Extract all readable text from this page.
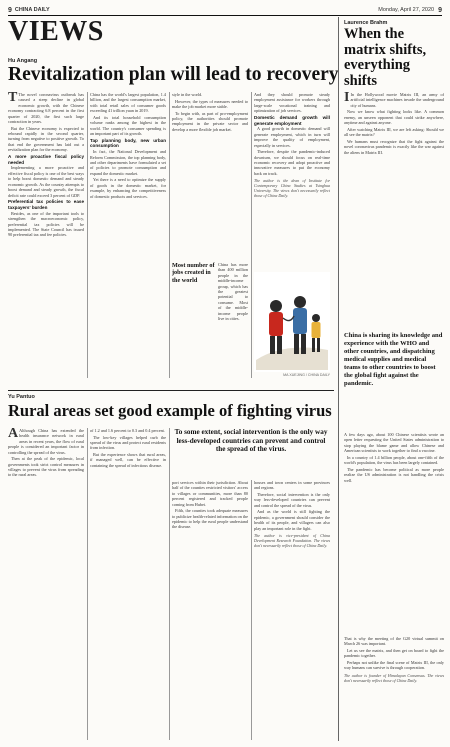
9 CHINA DAILY	Monday, April 27, 2020 9
VIEWS
Hu Angang
Revitalization plan will lead to recovery

T The novel coronavirus outbreak has caused a steep decline in global economic growth, with the Chinese economy contracting 6.8 percent in the first quarter of 2020, the first such large contraction in years.

But the Chinese economy is expected to rebound rapidly in the second quarter, turning from negative to positive growth. To that end the government has laid out a revitalization plan for the economy.

A more proactive fiscal policy needed

Implementing a more proactive and effective fiscal policy is one of the best ways to help boost domestic demand and steady economic growth. As the country attempts to boost demand and steady growth, the fiscal deficit rate could exceed 3 percent of GDP.

Preferential tax policies to ease taxpayers' burden

Besides, as one of the important tools to strengthen the macroeconomic policy, preferential tax policies will be implemented. The State Council has issued 90 preferential tax and fee policies.

China has the world's largest population, 1.4 billion, and the largest consumption market, with total retail sales of consumer goods exceeding 41 trillion yuan in 2019.

And its total household consumption volume ranks among the highest in the world. The country's consumer spending is an important part of its growth.

Tap planning body, new urban consumption

In fact, the National Development and Reform Commission, the top planning body, and other departments have formulated a set of policies to promote consumption and expand the domestic market.

Yet there is a need to optimize the supply of goods in the domestic market, for example, by enhancing the competitiveness of domestic products and services.

style in the world.

However, the types of measures needed to make the job market more stable.

To begin with, as part of pro-employment policy, the authorities should promote employment in the private sector and develop a more flexible job market.

Most number of jobs created in the world

China has more than 400 million people in the middle-income group, which has the greatest potential to consume. Most of the middle-income people live in cities.

And they should promote steady employment assistance for workers through large-scale vocational training and optimization of job services.

Domestic demand growth will generate employment

A good growth in domestic demand will generate employment, which in turn will improve the quality of employment, especially in services.

Therefore, despite the pandemic-induced downturn, we should focus on real-time economic recovery and adopt proactive and innovative measures to put the economy back on track.

The author is the dean of Institute for Contemporary China Studies at Tsinghua University. The views don't necessarily reflect those of China Daily.
MA XUEJING / CHINA DAILY
Yu Pantuo
Rural areas set good example of fighting virus

A Although China has extended the health insurance network in rural areas in recent years, the flow of rural people is considered an important factor in controlling the spread of the virus.

Then at the peak of the epidemic, local governments took strict control measures in villages to prevent the virus from spreading to the rural areas.

of 1.2 and 1.6 percent to 0.3 and 0.4 percent.

The low-key villages helped curb the spread of the virus and protect rural residents from infection.

But the experience shows that rural areas, if managed well, can be effective in containing the spread of infectious disease.

To some extent, social intervention is the only way less-developed countries can prevent and control the spread of the virus.

port services within their jurisdiction. About half of the counties restricted visitors' access to villages or communities, more than 80 percent registered and tracked people coming from Hubei.

Fifth, the counties took adequate measures to publicize health-related information on the epidemic to help the rural people understand the disease.

houses and town centers in some provinces and regions.

Therefore, social intervention is the only way less-developed countries can prevent and control the spread of the virus.

And as the world is still fighting the epidemic, a government should consider the health of its people, and villagers can also play an important role in the fight.

The author is vice-president of China Development Research Foundation. The views don't necessarily reflect those of China Daily.
Laurence Brahm
When the matrix shifts, everything shifts

I In the Hollywood movie Matrix III, an army of artificial intelligence machines invade the underground city of humans.

Now we know what fighting looks like. A common enemy, an unseen opponent that could strike anywhere, anytime and against anyone.

After watching Matrix III, we are left asking: Should we all see the matrix?

We humans must recognize that the fight against the novel coronavirus pandemic is exactly like the war against the aliens in Matrix III.

China is sharing its knowledge and experience with the WHO and other countries, and dispatching medical supplies and medical teams to other countries to boost the global fight against the pandemic.

A few days ago, about 100 Chinese scientists wrote an open letter requesting the United States administration to stop playing the blame game and allow Chinese and American scientists to work together to find a vaccine.

In a country of 1.4 billion people, about one-fifth of the world's population, the virus has been largely contained.

The pandemic has become political as more people realize the US administration is not handling the crisis well.

That is why the meeting of the G20 virtual summit on March 26 was important.

Let us see the matrix, and then get on board to fight the pandemic together.

Perhaps not unlike the final scene of Matrix III, the only way humans can survive is through cooperation.

The author is founder of Himalayan Consensus. The views don't necessarily reflect those of China Daily.
